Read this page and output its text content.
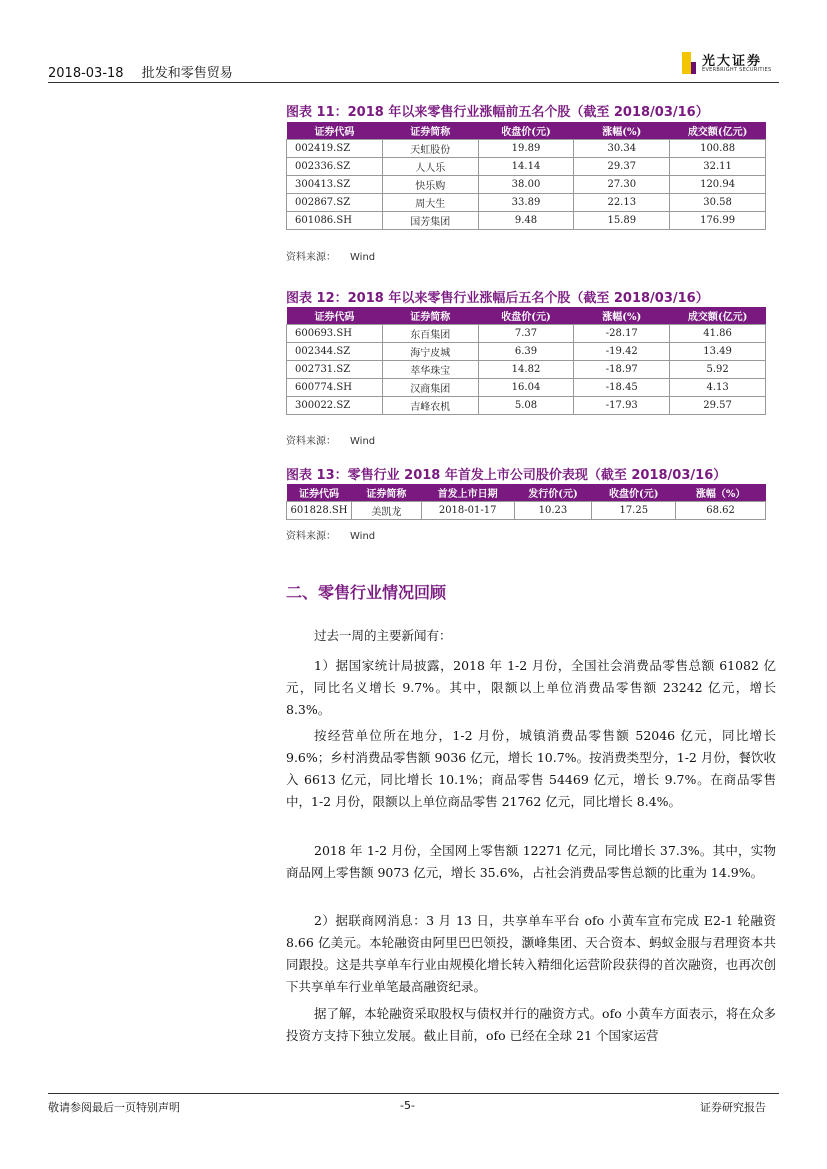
2018-03-18 批发和零售贸易
光大证券
EVERBRIGHT SECURITIES
图表 11：2018 年以来零售行业涨幅前五名个股（截至 2018/03/16）
证券代码	证券简称	收盘价(元)	涨幅(%)	成交额(亿元)
002419.SZ	天虹股份	19.89	30.34	100.88
002336.SZ	人人乐	14.14	29.37	32.11
300413.SZ	快乐购	38.00	27.30	120.94
002867.SZ	周大生	33.89	22.13	30.58
601086.SH	国芳集团	9.48	15.89	176.99
资料来源： Wind
图表 12：2018 年以来零售行业涨幅后五名个股（截至 2018/03/16）
证券代码	证券简称	收盘价(元)	涨幅(%)	成交额(亿元)
600693.SH	东百集团	7.37	-28.17	41.86
002344.SZ	海宁皮城	6.39	-19.42	13.49
002731.SZ	萃华珠宝	14.82	-18.97	5.92
600774.SH	汉商集团	16.04	-18.45	4.13
300022.SZ	吉峰农机	5.08	-17.93	29.57
资料来源： Wind
图表 13：零售行业 2018 年首发上市公司股价表现（截至 2018/03/16）
证券代码	证券简称	首发上市日期	发行价(元)	收盘价(元)	涨幅（%）
601828.SH	美凯龙	2018-01-17	10.23	17.25	68.62
资料来源： Wind
二、零售行业情况回顾
过去一周的主要新闻有：
1）据国家统计局披露，2018 年 1-2 月份，全国社会消费品零售总额 61082 亿元，同比名义增长 9.7%。其中，限额以上单位消费品零售额 23242 亿元，增长 8.3%。
按经营单位所在地分，1-2 月份，城镇消费品零售额 52046 亿元，同比增长 9.6%；乡村消费品零售额 9036 亿元，增长 10.7%。按消费类型分，1-2 月份，餐饮收入 6613 亿元，同比增长 10.1%；商品零售 54469 亿元，增长 9.7%。在商品零售中，1-2 月份，限额以上单位商品零售 21762 亿元，同比增长 8.4%。
2018 年 1-2 月份，全国网上零售额 12271 亿元，同比增长 37.3%。其中，实物商品网上零售额 9073 亿元，增长 35.6%，占社会消费品零售总额的比重为 14.9%。
2）据联商网消息：3 月 13 日，共享单车平台 ofo 小黄车宣布完成 E2-1 轮融资 8.66 亿美元。本轮融资由阿里巴巴领投，灏峰集团、天合资本、蚂蚁金服与君理资本共同跟投。这是共享单车行业由规模化增长转入精细化运营阶段获得的首次融资，也再次创下共享单车行业单笔最高融资纪录。
据了解，本轮融资采取股权与债权并行的融资方式。ofo 小黄车方面表示，将在众多投资方支持下独立发展。截止目前，ofo 已经在全球 21 个国家运营
敬请参阅最后一页特别声明	-5-	证券研究报告
